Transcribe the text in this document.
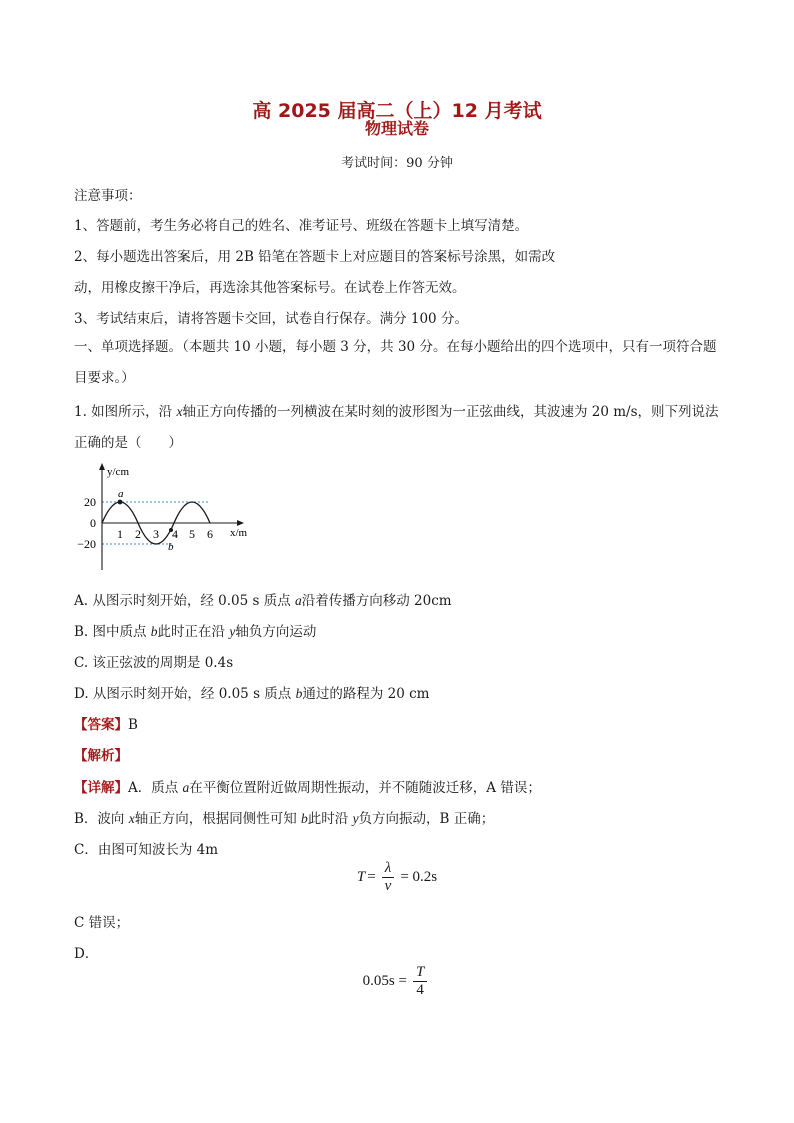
高 2025 届高二（上）12 月考试
物理试卷
考试时间：90 分钟
注意事项：
1、答题前，考生务必将自己的姓名、准考证号、班级在答题卡上填写清楚。
2、每小题选出答案后，用 2B 铅笔在答题卡上对应题目的答案标号涂黑，如需改
动，用橡皮擦干净后，再选涂其他答案标号。在试卷上作答无效。
3、考试结束后，请将答题卡交回，试卷自行保存。满分 100 分。
一、单项选择题。（本题共 10 小题，每小题 3 分，共 30 分。在每小题给出的四个选项中，只有一项符合题目要求。）
1. 如图所示，沿 x轴正方向传播的一列横波在某时刻的波形图为一正弦曲线，其波速为 20 m/s，则下列说法正确的是（　　）
a
b
y/cm
x/m
20
0
−20
1 2 3 4 5 6
A. 从图示时刻开始，经 0.05 s 质点 a沿着传播方向移动 20cm
B. 图中质点 b此时正在沿 y轴负方向运动
C. 该正弦波的周期是 0.4s
D. 从图示时刻开始，经 0.05 s 质点 b通过的路程为 20 cm
【答案】B
【解析】
【详解】A．质点 a在平衡位置附近做周期性振动，并不随随波迁移，A 错误；
B．波向 x轴正方向，根据同侧性可知 b此时沿 y负方向振动，B 正确；
C．由图可知波长为 4m
$T = \frac{\lambda}{v} = 0.2s$
C 错误；
D．
$0.05s = \frac{T}{4}$
